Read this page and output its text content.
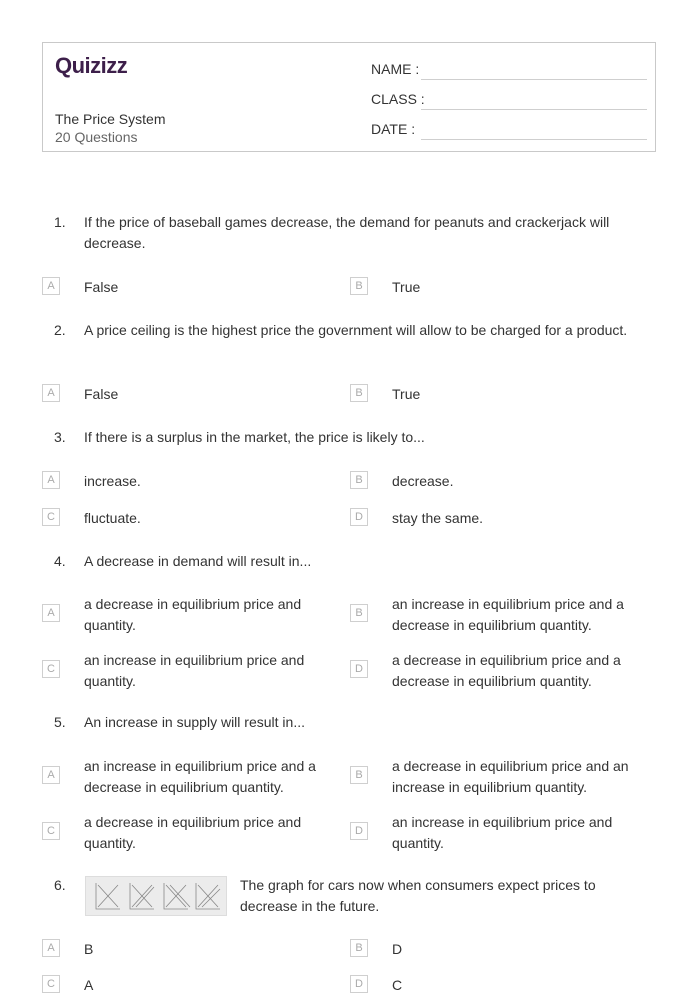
Quizizz
The Price System
20 Questions
NAME :
CLASS :
DATE :
1.	If the price of baseball games decrease, the demand for peanuts and crackerjack will decrease.
A	False	B	True
2.	A price ceiling is the highest price the government will allow to be charged for a product.
A	False	B	True
3.	If there is a surplus in the market, the price is likely to...
A	increase.	B	decrease.
C	fluctuate.	D	stay the same.
4.	A decrease in demand will result in...
A
a decrease in equilibrium price and quantity.
B
an increase in equilibrium price and a decrease in equilibrium quantity.
C
an increase in equilibrium price and quantity.
D
a decrease in equilibrium price and a decrease in equilibrium quantity.
5.	An increase in supply will result in...
A
an increase in equilibrium price and a decrease in equilibrium quantity.
B
a decrease in equilibrium price and an increase in equilibrium quantity.
C
a decrease in equilibrium price and quantity.
D
an increase in equilibrium price and quantity.
6.	The graph for cars now when consumers expect prices to decrease in the future.
A	B	B	D
C	A	D	C
